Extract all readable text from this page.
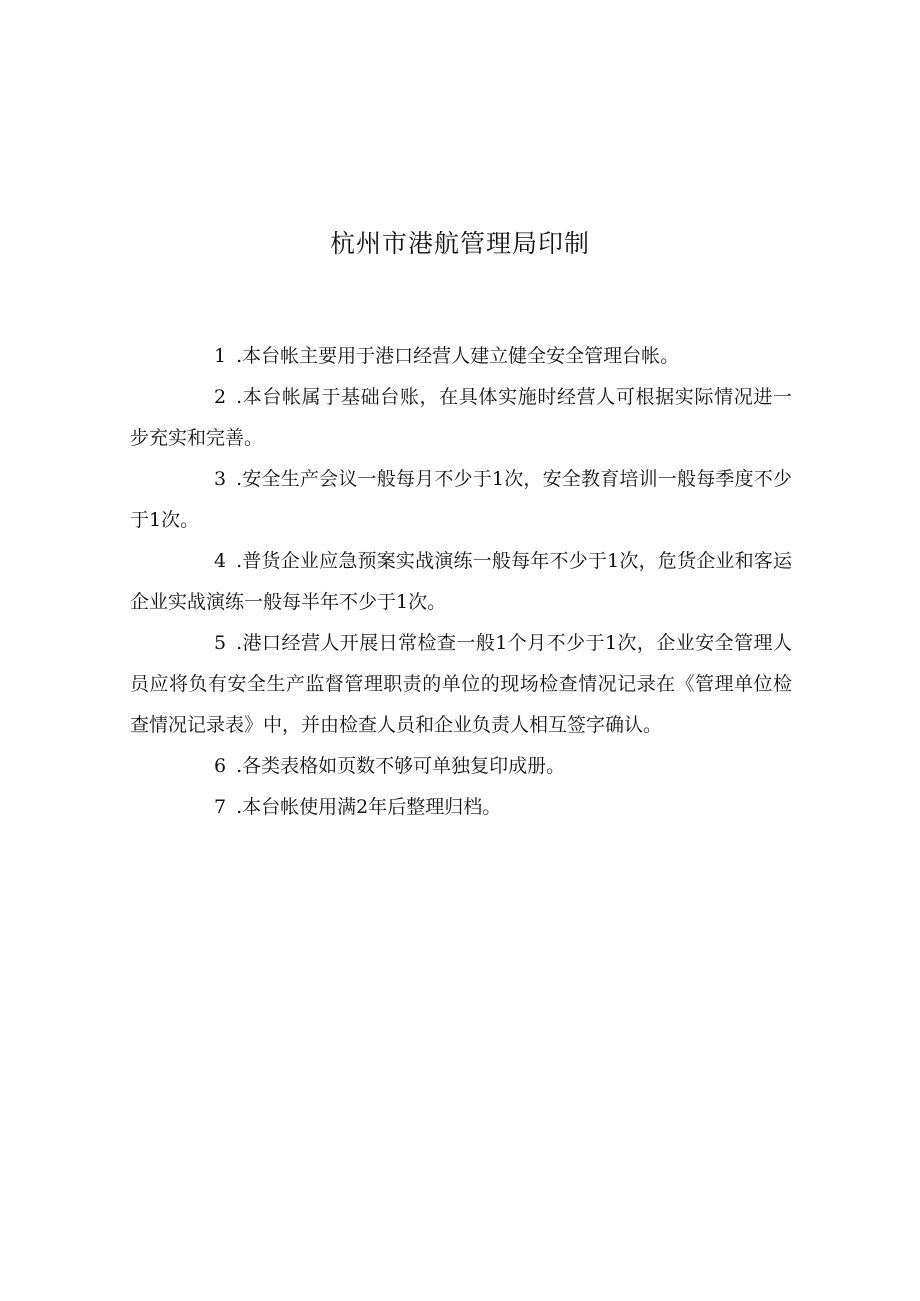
杭州市港航管理局印制

1 .本台帐主要用于港口经营人建立健全安全管理台帐。

2 .本台帐属于基础台账，在具体实施时经营人可根据实际情况进一步充实和完善。

3 .安全生产会议一般每月不少于1次，安全教育培训一般每季度不少于1次。

4 .普货企业应急预案实战演练一般每年不少于1次，危货企业和客运企业实战演练一般每半年不少于1次。

5 .港口经营人开展日常检查一般1个月不少于1次，企业安全管理人员应将负有安全生产监督管理职责的单位的现场检查情况记录在《管理单位检查情况记录表》中，并由检查人员和企业负责人相互签字确认。

6 .各类表格如页数不够可单独复印成册。

7 .本台帐使用满2年后整理归档。
